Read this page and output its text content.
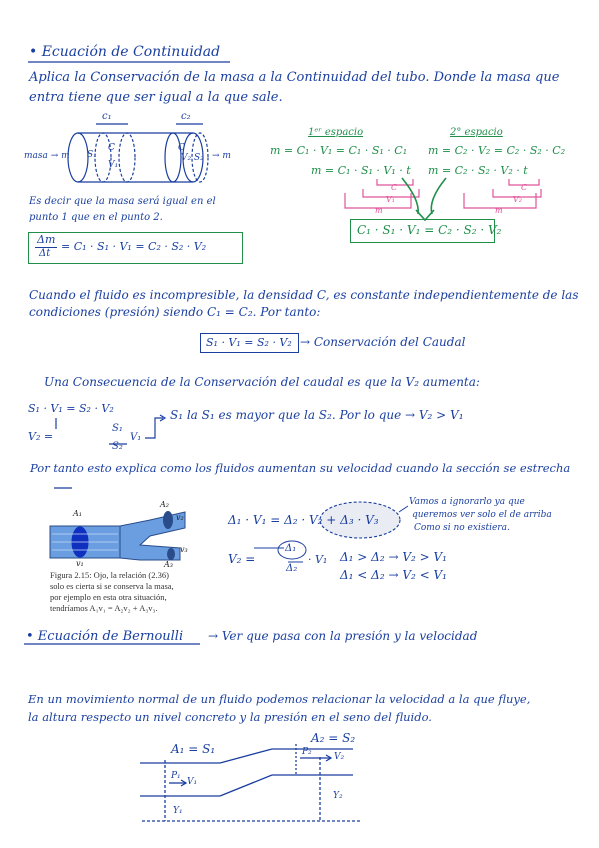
• Ecuación de Continuidad
Aplica la Conservación de la masa a la Continuidad del tubo. Donde la masa que
entra tiene que ser igual a la que sale.
masa → m	→ m
c₁	c₂
S₁
V₁
C	C
V₂ S₂
1ᵉʳ espacio
m = C₁ · V₁ = C₁ · S₁ · C₁
m = C₁ · S₁ · V₁ · t
2° espacio
m = C₂ · V₂ = C₂ · S₂ · C₂
m = C₂ · S₂ · V₂ · t
C
V₁
m
C
V₂
m
C₁ · S₁ · V₁ = C₂ · S₂ · V₂
Es decir que la masa será igual en el
punto 1 que en el punto 2.
Δm
Δt
= C₁ · S₁ · V₁ = C₂ · S₂ · V₂
Cuando el fluido es incompresible, la densidad C, es constante independientemente de las
condiciones (presión) siendo C₁ = C₂. Por tanto:
S₁ · V₁ = S₂ · V₂ → Conservación del Caudal
Una Consecuencia de la Conservación del caudal es que la V₂ aumenta:
S₁ · V₁ = S₂ · V₂
V₂ =
S₁
S₂
V₁
S₁ la S₁ es mayor que la S₂. Por lo que → V₂ > V₁
Por tanto esto explica como los fluidos aumentan su velocidad cuando la sección se estrecha
A₁
A₂
A₃
v₁
v₂
v₃
Figura 2.15: Ojo, la relación (2.36)
solo es cierta si se conserva la masa,
por ejemplo en esta otra situación,
tendríamos A₁v₁ = A₂v₂ + A₃v₃.
Δ₁ · V₁ = Δ₂ · V₂ + Δ₃ · V₃
Vamos a ignorarlo ya que
queremos ver solo el de arriba
Como si no existiera.
V₂ =
Δ₁
Δ₂
· V₁ Δ₁ > Δ₂ → V₂ > V₁
Δ₁ < Δ₂ → V₂ < V₁
• Ecuación de Bernoulli → Ver que pasa con la presión y la velocidad
En un movimiento normal de un fluido podemos relacionar la velocidad a la que fluye,
la altura respecto un nivel concreto y la presión en el seno del fluido.
A₁ = S₁
A₂ = S₂
P₁
V₁
P₂ V₂
Y₁
Y₂
